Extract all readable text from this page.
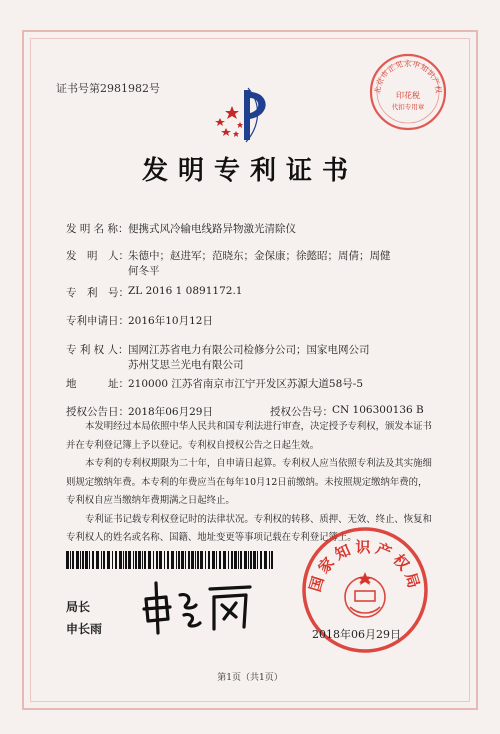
证书号第2981982号	北京市正见永申知识产权
印花税
代扣专用章
发明专利证书
发 明 名 称： 便携式风冷输电线路异物激光清除仪
发　明　人： 朱德中；赵进军；范晓东；金保康；徐懿昭；周倩；周健
何冬平
专　利　号： ZL 2016 1 0891172.1
专利申请日： 2016年10月12日
专 利 权 人： 国网江苏省电力有限公司检修分公司；国家电网公司
苏州艾思兰光电有限公司
地　　　址： 210000 江苏省南京市江宁开发区苏源大道58号-5
授权公告日： 2018年06月29日	授权公告号： CN 106300136 B

本发明经过本局依照中华人民共和国专利法进行审查，决定授予专利权，颁发本证书并在专利登记簿上予以登记。专利权自授权公告之日起生效。

本专利的专利权期限为二十年，自申请日起算。专利权人应当依照专利法及其实施细则规定缴纳年费。本专利的年费应当在每年10月12日前缴纳。未按照规定缴纳年费的，专利权自应当缴纳年费期满之日起终止。

专利证书记载专利权登记时的法律状况。专利权的转移、质押、无效、终止、恢复和专利权人的姓名或名称、国籍、地址变更等事项记载在专利登记簿上。

局长
申长雨
国家知识产权局
2018年06月29日
第1页（共1页）
